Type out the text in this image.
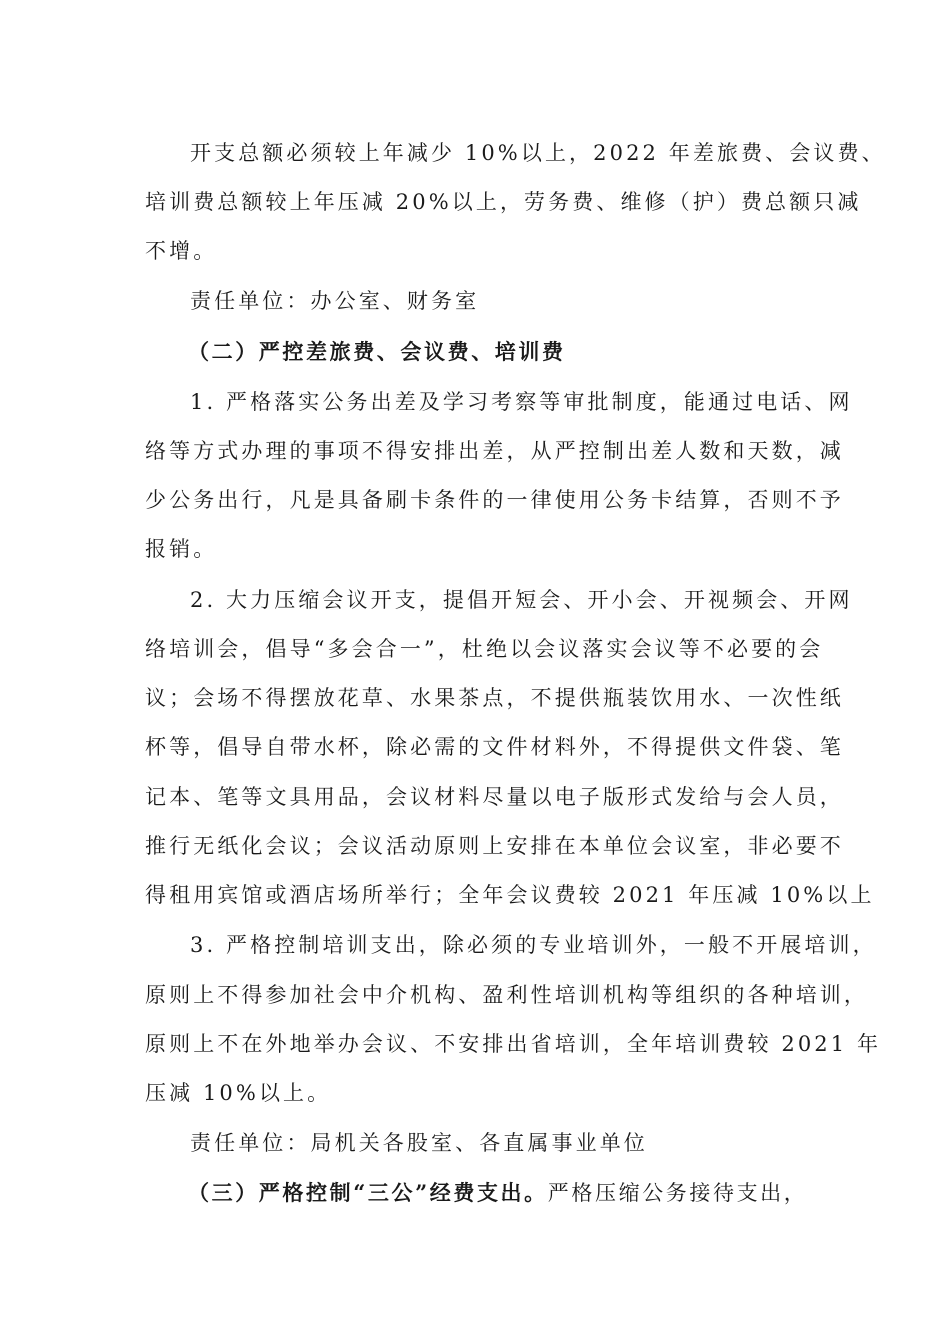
开支总额必须较上年减少 10%以上，2022 年差旅费、会议费、
培训费总额较上年压减 20%以上，劳务费、维修（护）费总额只减
不增。
责任单位：办公室、财务室
（二）严控差旅费、会议费、培训费
1. 严格落实公务出差及学习考察等审批制度，能通过电话、网
络等方式办理的事项不得安排出差，从严控制出差人数和天数，减
少公务出行，凡是具备刷卡条件的一律使用公务卡结算，否则不予
报销。
2. 大力压缩会议开支，提倡开短会、开小会、开视频会、开网
络培训会，倡导“多会合一”，杜绝以会议落实会议等不必要的会
议；会场不得摆放花草、水果茶点，不提供瓶装饮用水、一次性纸
杯等，倡导自带水杯，除必需的文件材料外，不得提供文件袋、笔
记本、笔等文具用品，会议材料尽量以电子版形式发给与会人员，
推行无纸化会议；会议活动原则上安排在本单位会议室，非必要不
得租用宾馆或酒店场所举行；全年会议费较 2021 年压减 10%以上
3. 严格控制培训支出，除必须的专业培训外，一般不开展培训，
原则上不得参加社会中介机构、盈利性培训机构等组织的各种培训，
原则上不在外地举办会议、不安排出省培训，全年培训费较 2021 年
压减 10%以上。
责任单位：局机关各股室、各直属事业单位
（三）严格控制“三公”经费支出。严格压缩公务接待支出，
